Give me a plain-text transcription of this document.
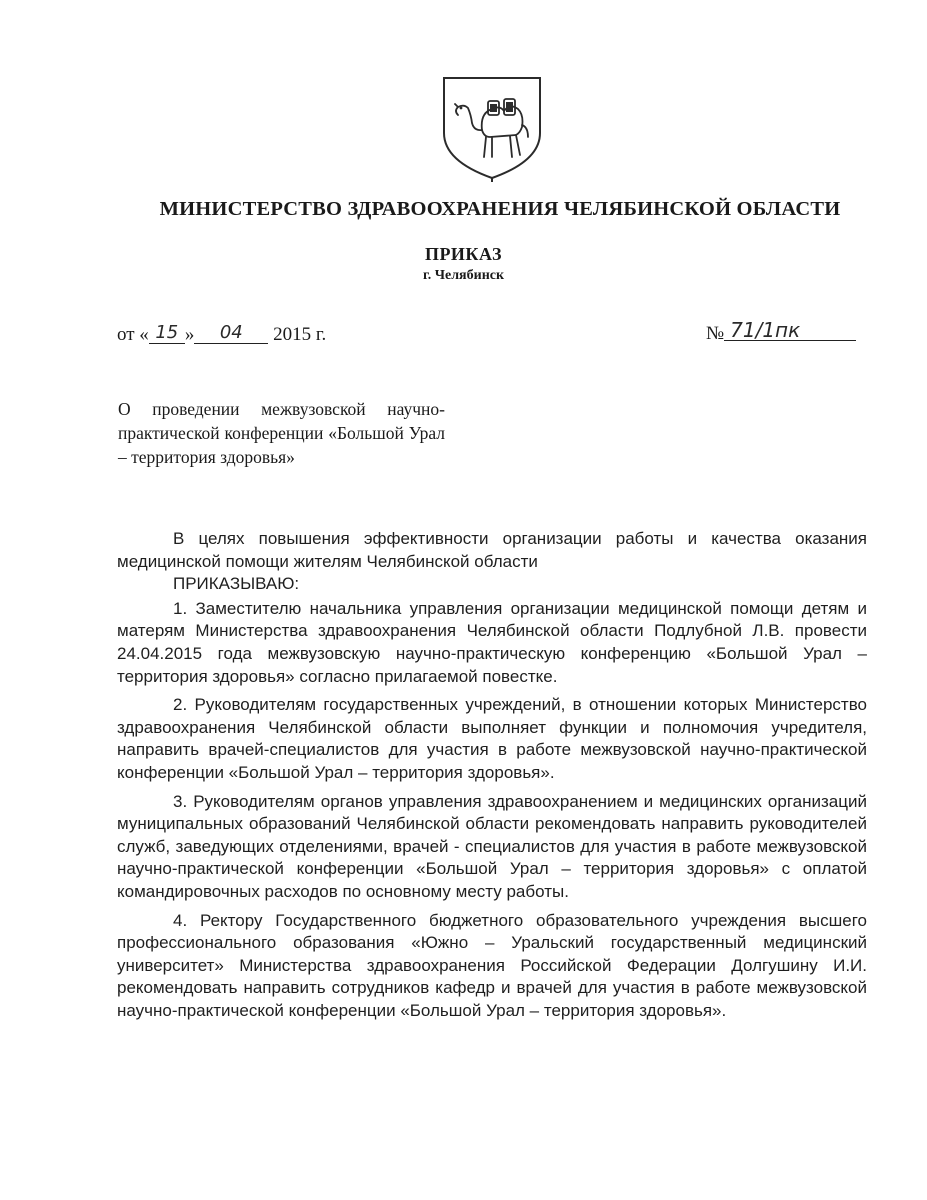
МИНИСТЕРСТВО ЗДРАВООХРАНЕНИЯ ЧЕЛЯБИНСКОЙ ОБЛАСТИ
ПРИКАЗ
г. Челябинск
от « 15 » 04 2015 г.	№ 71/1пк
О проведении межвузовской научно-практической конференции «Большой Урал – территория здоровья»

В целях повышения эффективности организации работы и качества оказания медицинской помощи жителям Челябинской области

ПРИКАЗЫВАЮ:

1. Заместителю начальника управления организации медицинской помощи детям и матерям Министерства здравоохранения Челябинской области Подлубной Л.В. провести 24.04.2015 года межвузовскую научно-практическую конференцию «Большой Урал – территория здоровья» согласно прилагаемой повестке.

2. Руководителям государственных учреждений, в отношении которых Министерство здравоохранения Челябинской области выполняет функции и полномочия учредителя, направить врачей-специалистов для участия в работе межвузовской научно-практической конференции «Большой Урал – территория здоровья».

3. Руководителям органов управления здравоохранением и медицинских организаций муниципальных образований Челябинской области рекомендовать направить руководителей служб, заведующих отделениями, врачей - специалистов для участия в работе межвузовской научно-практической конференции «Большой Урал – территория здоровья» с оплатой командировочных расходов по основному месту работы.

4. Ректору Государственного бюджетного образовательного учреждения высшего профессионального образования «Южно – Уральский государственный медицинский университет» Министерства здравоохранения Российской Федерации Долгушину И.И. рекомендовать направить сотрудников кафедр и врачей для участия в работе межвузовской научно-практической конференции «Большой Урал – территория здоровья».
